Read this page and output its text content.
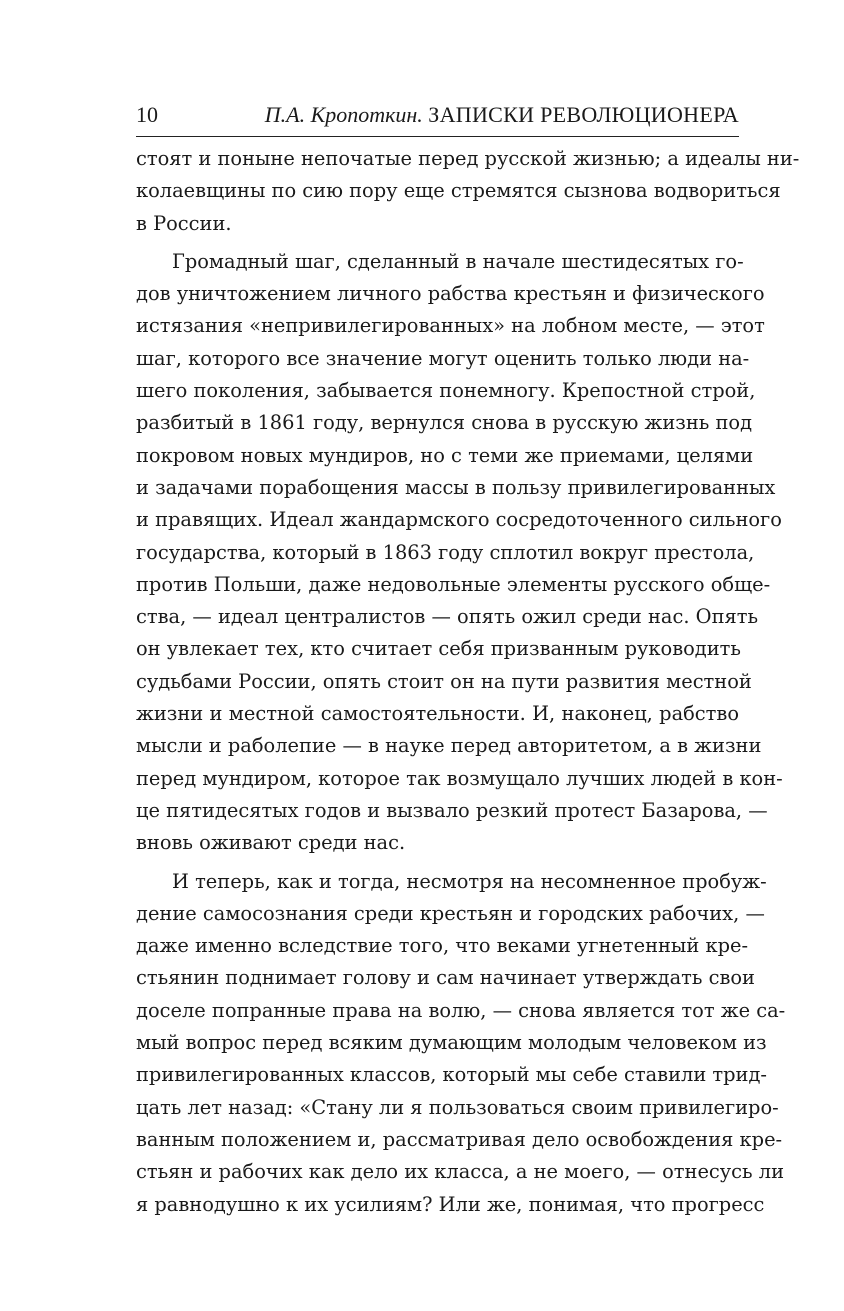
10	П.А. Кропоткин. ЗАПИСКИ РЕВОЛЮЦИОНЕРА
стоят и поныне непочатые перед русской жизнью; а идеалы ни-
колаевщины по сию пору еще стремятся сызнова водвориться
в России.
Громадный шаг, сделанный в начале шестидесятых го-
дов уничтожением личного рабства крестьян и физического
истязания «непривилегированных» на лобном месте, — этот
шаг, которого все значение могут оценить только люди на-
шего поколения, забывается понемногу. Крепостной строй,
разбитый в 1861 году, вернулся снова в русскую жизнь под
покровом новых мундиров, но с теми же приемами, целями
и задачами порабощения массы в пользу привилегированных
и правящих. Идеал жандармского сосредоточенного сильного
государства, который в 1863 году сплотил вокруг престола,
против Польши, даже недовольные элементы русского обще-
ства, — идеал централистов — опять ожил среди нас. Опять
он увлекает тех, кто считает себя призванным руководить
судьбами России, опять стоит он на пути развития местной
жизни и местной самостоятельности. И, наконец, рабство
мысли и раболепие — в науке перед авторитетом, а в жизни
перед мундиром, которое так возмущало лучших людей в кон-
це пятидесятых годов и вызвало резкий протест Базарова, —
вновь оживают среди нас.
И теперь, как и тогда, несмотря на несомненное пробуж-
дение самосознания среди крестьян и городских рабочих, —
даже именно вследствие того, что веками угнетенный кре-
стьянин поднимает голову и сам начинает утверждать свои
доселе попранные права на волю, — снова является тот же са-
мый вопрос перед всяким думающим молодым человеком из
привилегированных классов, который мы себе ставили трид-
цать лет назад: «Стану ли я пользоваться своим привилегиро-
ванным положением и, рассматривая дело освобождения кре-
стьян и рабочих как дело их класса, а не моего, — отнесусь ли
я равнодушно к их усилиям? Или же, понимая, что прогресс
